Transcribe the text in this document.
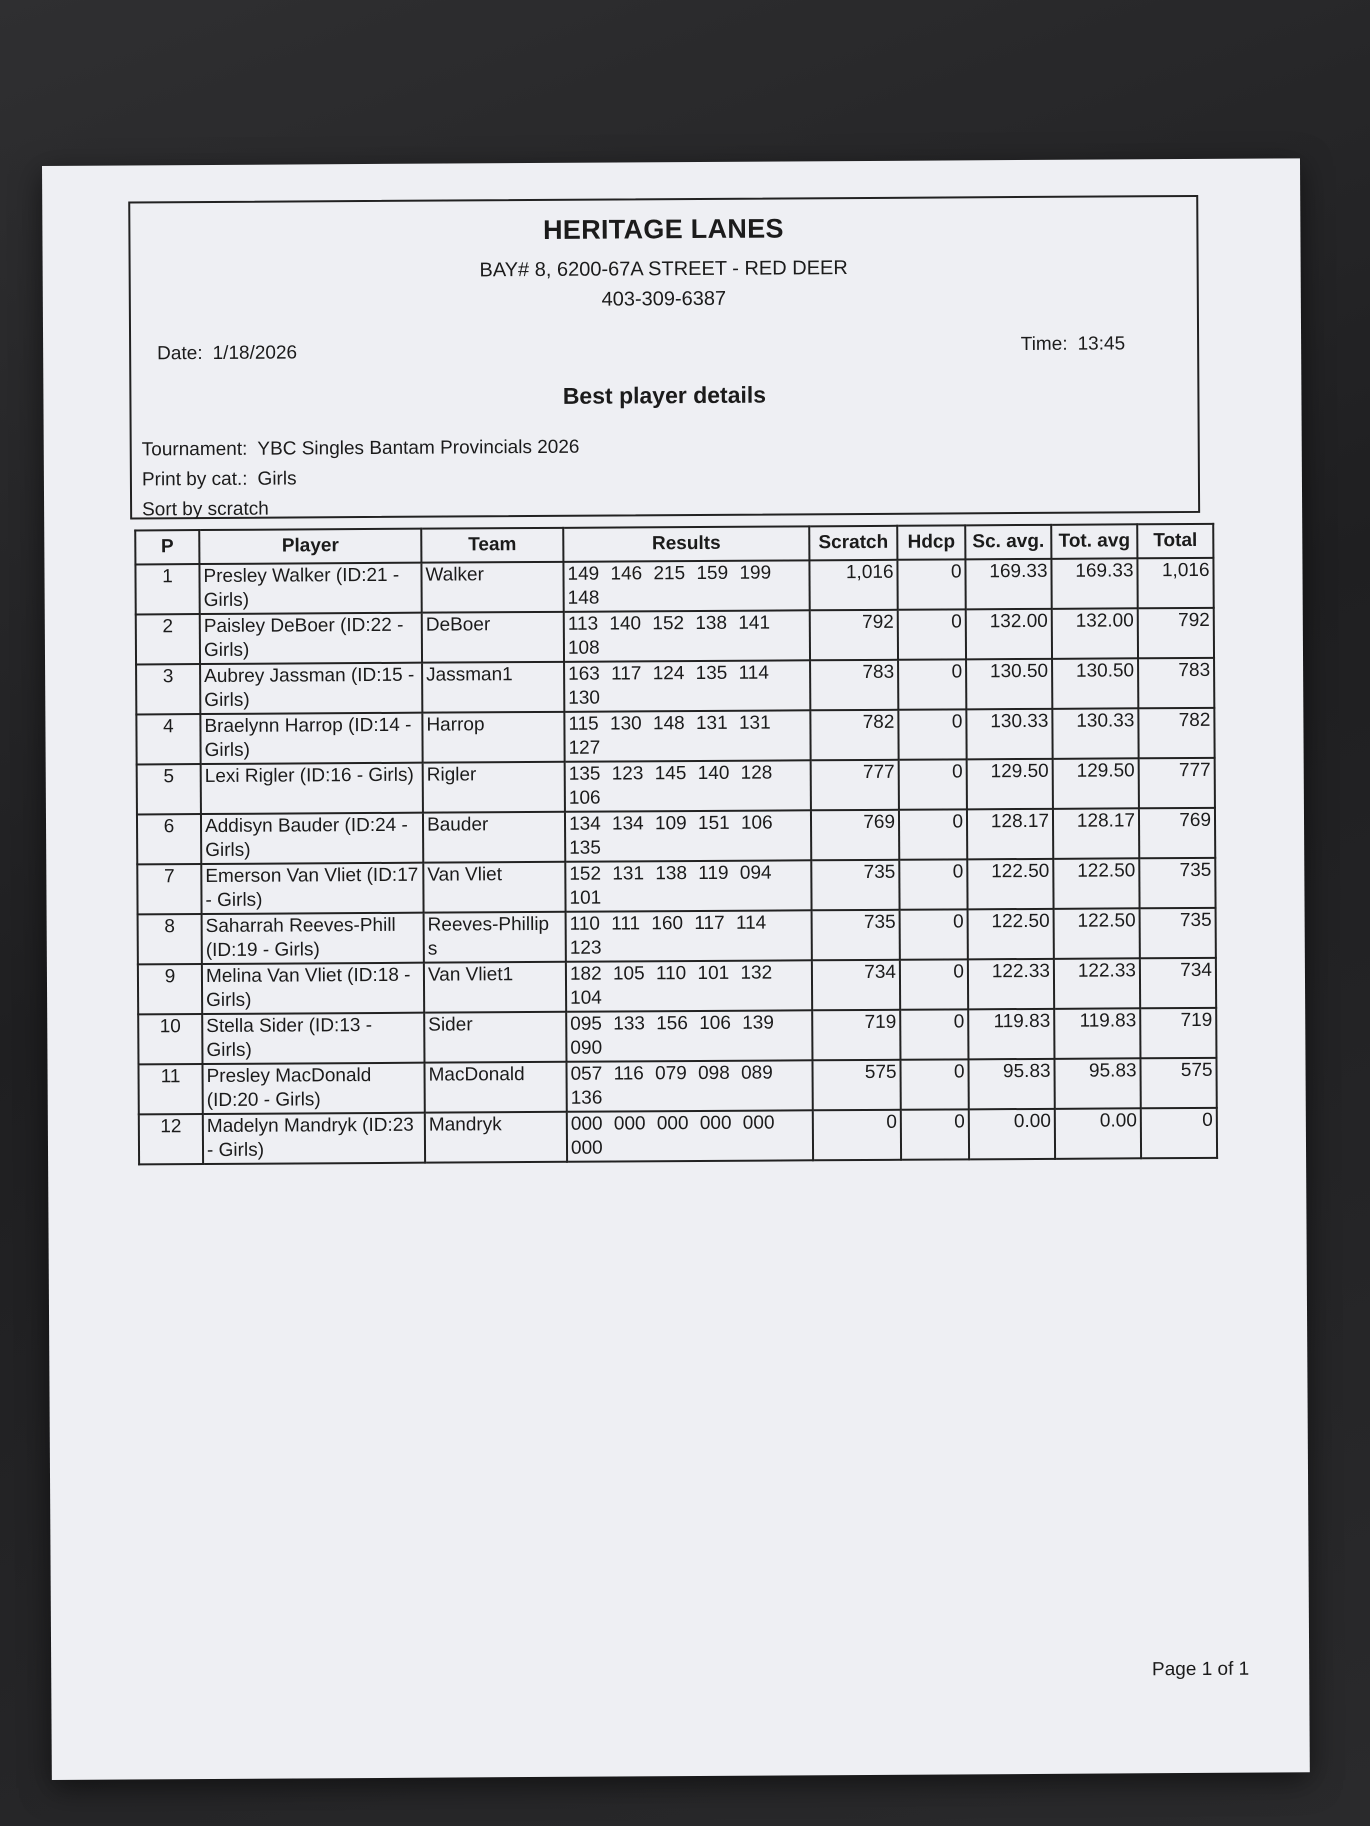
HERITAGE LANES
BAY# 8, 6200-67A STREET - RED DEER
403-309-6387
Date: 1/18/2026	Time: 13:45
Best player details
Tournament: YBC Singles Bantam Provincials 2026
Print by cat.: Girls
Sort by scratch
P	Player	Team	Results	Scratch	Hdcp	Sc. avg.	Tot. avg	Total
1	Presley Walker (ID:21 - Girls)	Walker	149 146 215 159 199 148	1,016	0	169.33	169.33	1,016
2	Paisley DeBoer (ID:22 - Girls)	DeBoer	113 140 152 138 141 108	792	0	132.00	132.00	792
3	Aubrey Jassman (ID:15 - Girls)	Jassman1	163 117 124 135 114 130	783	0	130.50	130.50	783
4	Braelynn Harrop (ID:14 - Girls)	Harrop	115 130 148 131 131 127	782	0	130.33	130.33	782
5	Lexi Rigler (ID:16 - Girls)	Rigler	135 123 145 140 128 106	777	0	129.50	129.50	777
6	Addisyn Bauder (ID:24 - Girls)	Bauder	134 134 109 151 106 135	769	0	128.17	128.17	769
7	Emerson Van Vliet (ID:17 - Girls)	Van Vliet	152 131 138 119 094 101	735	0	122.50	122.50	735
8	Saharrah Reeves-Phill (ID:19 - Girls)	Reeves-Phillip s	110 111 160 117 114 123	735	0	122.50	122.50	735
9	Melina Van Vliet (ID:18 - Girls)	Van Vliet1	182 105 110 101 132 104	734	0	122.33	122.33	734
10	Stella Sider (ID:13 - Girls)	Sider	095 133 156 106 139 090	719	0	119.83	119.83	719
11	Presley MacDonald (ID:20 - Girls)	MacDonald	057 116 079 098 089 136	575	0	95.83	95.83	575
12	Madelyn Mandryk (ID:23 - Girls)	Mandryk	000 000 000 000 000 000	0	0	0.00	0.00	0
Page 1 of 1
